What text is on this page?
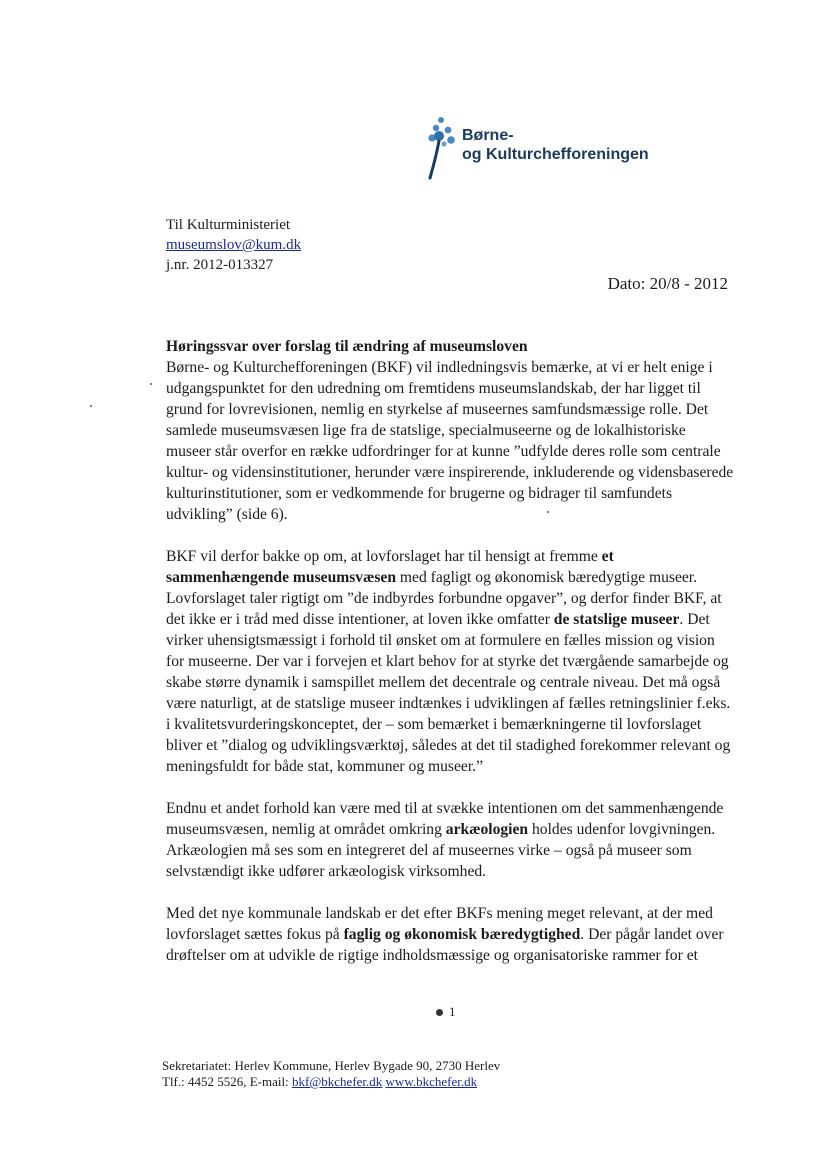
Børne-
og Kulturchefforeningen
Til Kulturministeriet
museumslov@kum.dk
j.nr. 2012-013327
Dato: 20/8 - 2012
Høringssvar over forslag til ændring af museumsloven

Børne- og Kulturchefforeningen (BKF) vil indledningsvis bemærke, at vi er helt enige i udgangspunktet for den udredning om fremtidens museumslandskab, der har ligget til grund for lovrevisionen, nemlig en styrkelse af museernes samfundsmæssige rolle. Det samlede museumsvæsen lige fra de statslige, specialmuseerne og de lokalhistoriske museer står overfor en række udfordringer for at kunne ”udfylde deres rolle som centrale kultur- og vidensinstitutioner, herunder være inspirerende, inkluderende og vidensbaserede kulturinstitutioner, som er vedkommende for brugerne og bidrager til samfundets udvikling” (side 6).

BKF vil derfor bakke op om, at lovforslaget har til hensigt at fremme et sammenhængende museumsvæsen med fagligt og økonomisk bæredygtige museer. Lovforslaget taler rigtigt om ”de indbyrdes forbundne opgaver”, og derfor finder BKF, at det ikke er i tråd med disse intentioner, at loven ikke omfatter de statslige museer. Det virker uhensigtsmæssigt i forhold til ønsket om at formulere en fælles mission og vision for museerne. Der var i forvejen et klart behov for at styrke det tværgående samarbejde og skabe større dynamik i samspillet mellem det decentrale og centrale niveau. Det må også være naturligt, at de statslige museer indtænkes i udviklingen af fælles retningslinier f.eks. i kvalitetsvurderingskonceptet, der – som bemærket i bemærkningerne til lovforslaget bliver et ”dialog og udviklingsværktøj, således at det til stadighed forekommer relevant og meningsfuldt for både stat, kommuner og museer.”

Endnu et andet forhold kan være med til at svække intentionen om det sammenhængende museumsvæsen, nemlig at området omkring arkæologien holdes udenfor lovgivningen. Arkæologien må ses som en integreret del af museernes virke – også på museer som selvstændigt ikke udfører arkæologisk virksomhed.

Med det nye kommunale landskab er det efter BKFs mening meget relevant, at der med lovforslaget sættes fokus på faglig og økonomisk bæredygtighed. Der pågår landet over drøftelser om at udvikle de rigtige indholdsmæssige og organisatoriske rammer for et

1
Sekretariatet: Herlev Kommune, Herlev Bygade 90, 2730 Herlev
Tlf.: 4452 5526, E-mail: bkf@bkchefer.dk www.bkchefer.dk
